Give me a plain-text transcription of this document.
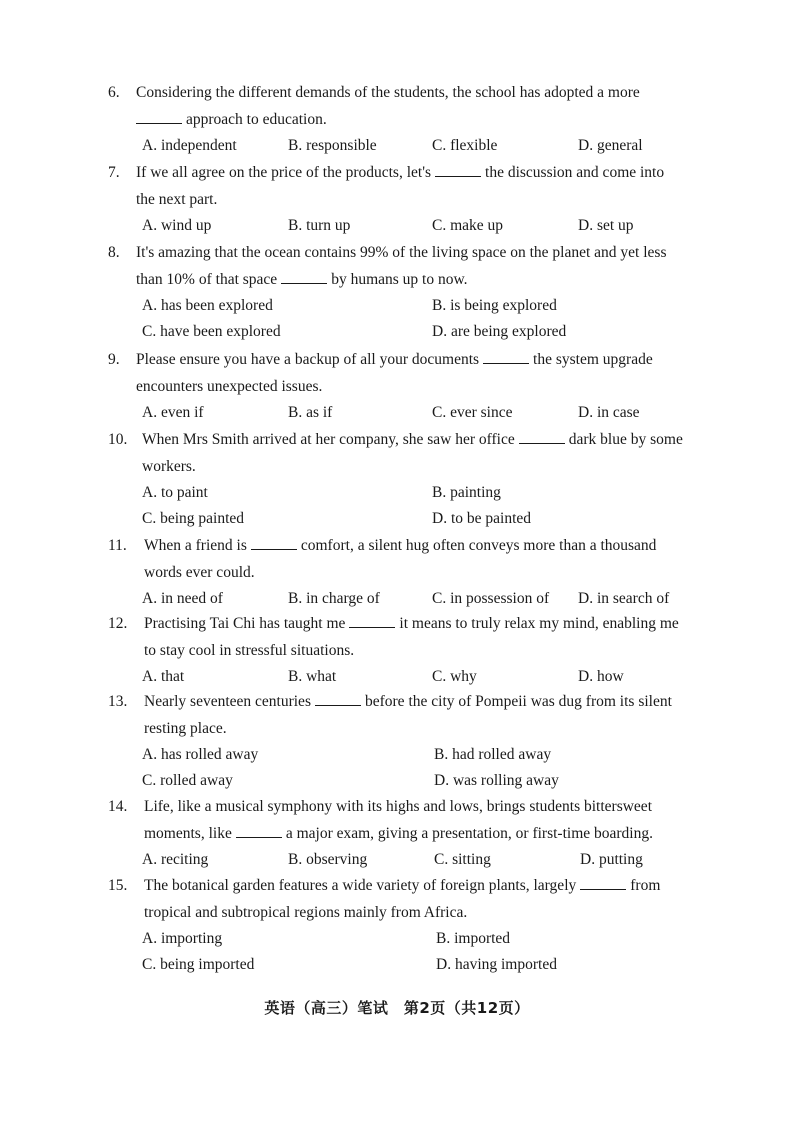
6. Considering the different demands of the students, the school has adopted a more
approach to education.
A. independent	B. responsible	C. flexible	D. general
7. If we all agree on the price of the products, let's	the discussion and come into
the next part.
A. wind up	B. turn up	C. make up	D. set up
8. It's amazing that the ocean contains 99% of the living space on the planet and yet less
than 10% of that space	by humans up to now.
A. has been explored	B. is being explored
C. have been explored	D. are being explored
9. Please ensure you have a backup of all your documents	the system upgrade
encounters unexpected issues.
A. even if	B. as if	C. ever since	D. in case
10. When Mrs Smith arrived at her company, she saw her office	dark blue by some
workers.
A. to paint	B. painting
C. being painted	D. to be painted
11. When a friend is	comfort, a silent hug often conveys more than a thousand
words ever could.
A. in need of	B. in charge of	C. in possession of D. in search of
12. Practising Tai Chi has taught me	it means to truly relax my mind, enabling me
to stay cool in stressful situations.
A. that	B. what	C. why	D. how
13. Nearly seventeen centuries	before the city of Pompeii was dug from its silent
resting place.
A. has rolled away	B. had rolled away
C. rolled away	D. was rolling away
14. Life, like a musical symphony with its highs and lows, brings students bittersweet
moments, like	a major exam, giving a presentation, or first-time boarding.
A. reciting	B. observing	C. sitting	D. putting
15. The botanical garden features a wide variety of foreign plants, largely	from
tropical and subtropical regions mainly from Africa.
A. importing	B. imported
C. being imported	D. having imported
英语（高三）笔试　第2页（共12页）
